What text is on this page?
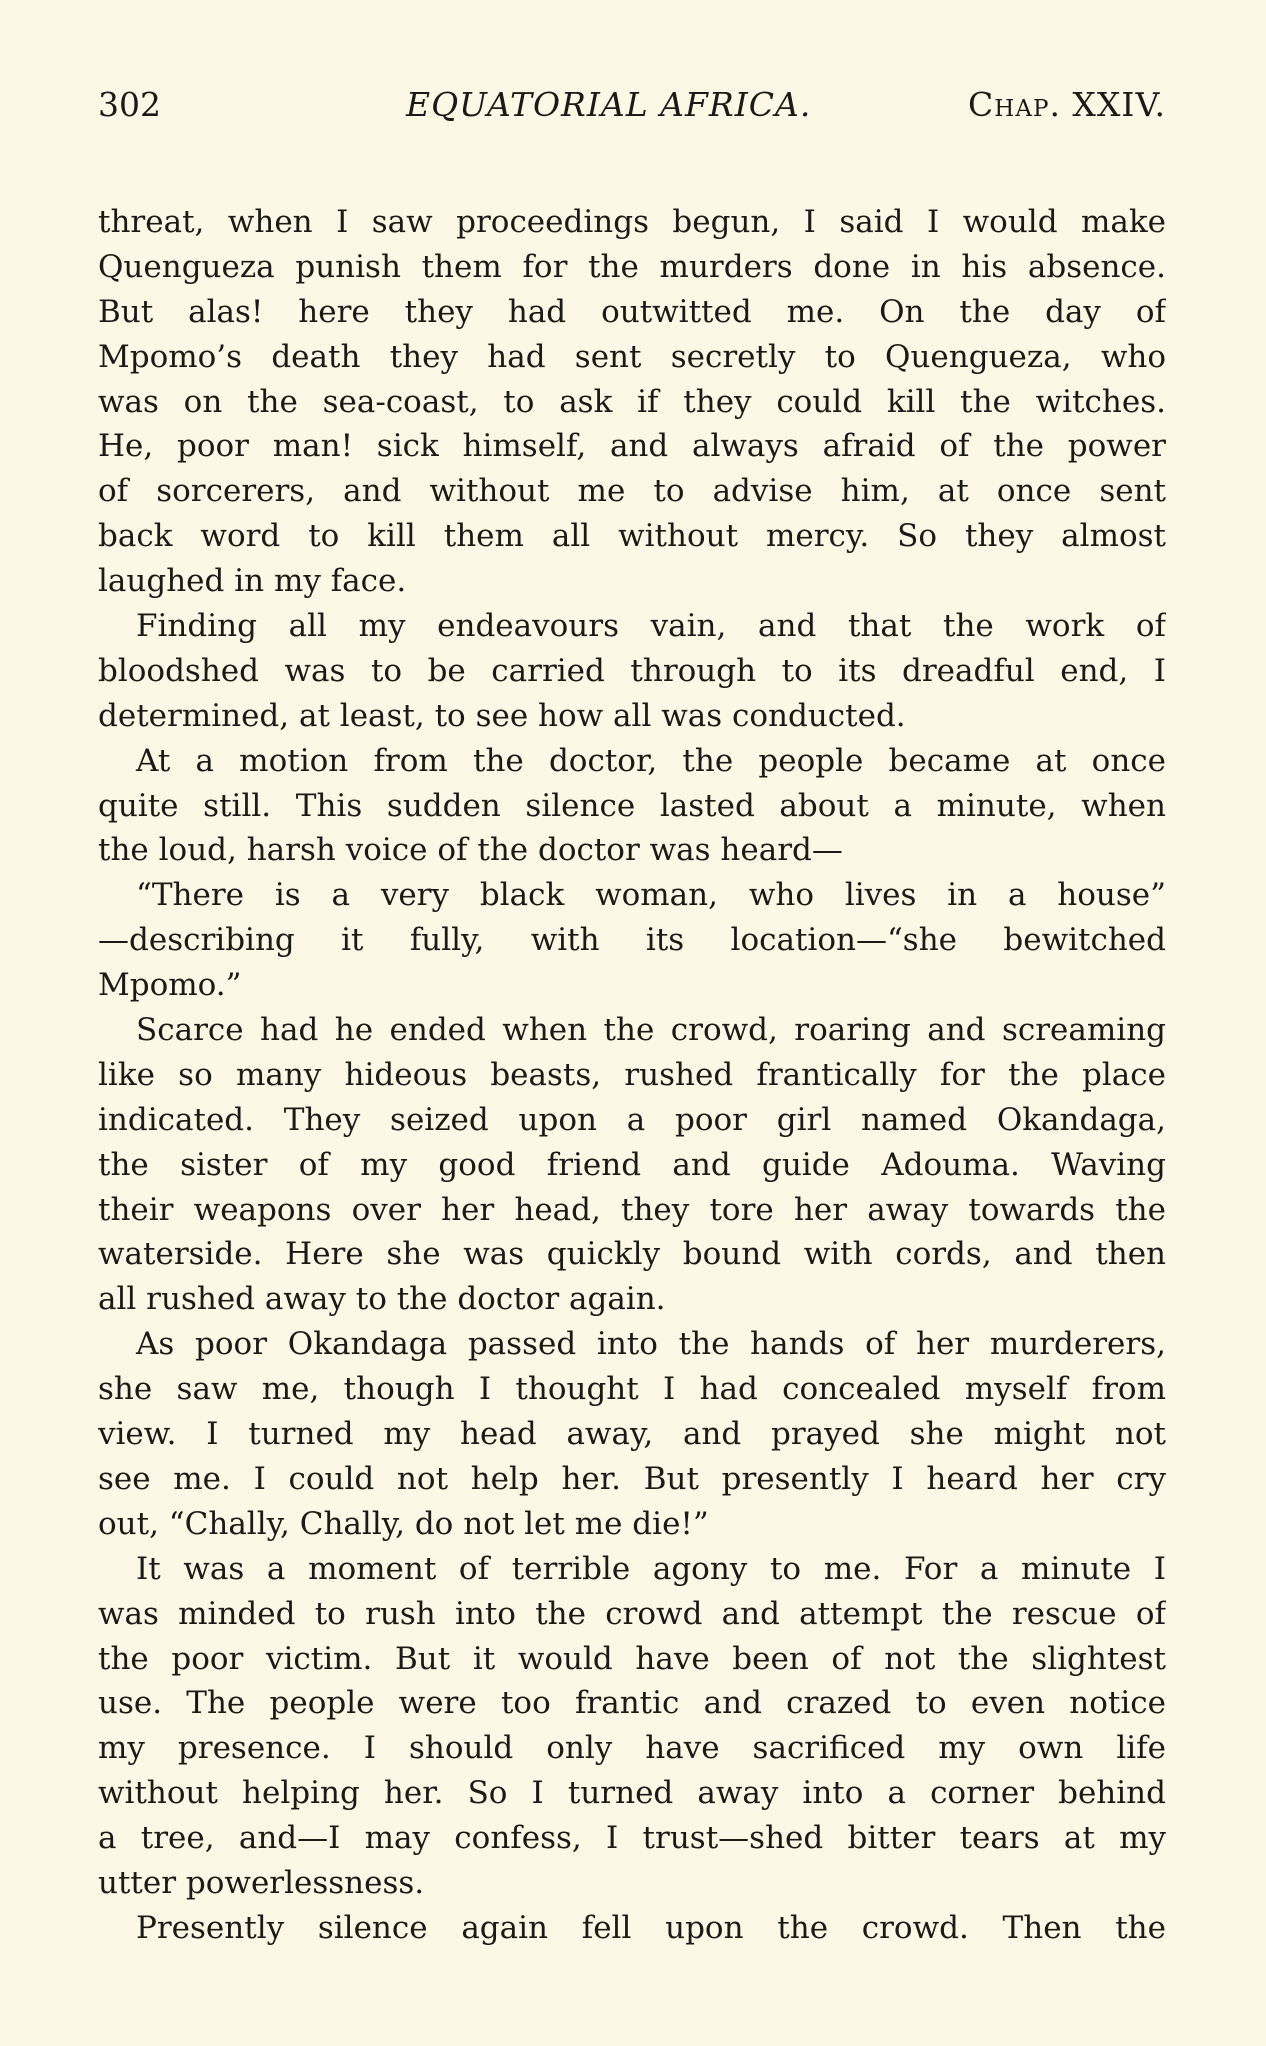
302	EQUATORIAL AFRICA.	Chap. XXIV.
threat, when I saw proceedings begun, I said I would make
Quengueza punish them for the murders done in his absence.
But alas! here they had outwitted me. On the day of
Mpomo’s death they had sent secretly to Quengueza, who
was on the sea-coast, to ask if they could kill the witches.
He, poor man! sick himself, and always afraid of the power
of sorcerers, and without me to advise him, at once sent
back word to kill them all without mercy. So they almost
laughed in my face.
Finding all my endeavours vain, and that the work of
bloodshed was to be carried through to its dreadful end, I
determined, at least, to see how all was conducted.
At a motion from the doctor, the people became at once
quite still. This sudden silence lasted about a minute, when
the loud, harsh voice of the doctor was heard—
“There is a very black woman, who lives in a house”
—describing it fully, with its location—“she bewitched
Mpomo.”
Scarce had he ended when the crowd, roaring and screaming
like so many hideous beasts, rushed frantically for the place
indicated. They seized upon a poor girl named Okandaga,
the sister of my good friend and guide Adouma. Waving
their weapons over her head, they tore her away towards the
waterside. Here she was quickly bound with cords, and then
all rushed away to the doctor again.
As poor Okandaga passed into the hands of her murderers,
she saw me, though I thought I had concealed myself from
view. I turned my head away, and prayed she might not
see me. I could not help her. But presently I heard her cry
out, “Chally, Chally, do not let me die!”
It was a moment of terrible agony to me. For a minute I
was minded to rush into the crowd and attempt the rescue of
the poor victim. But it would have been of not the slightest
use. The people were too frantic and crazed to even notice
my presence. I should only have sacrificed my own life
without helping her. So I turned away into a corner behind
a tree, and—I may confess, I trust—shed bitter tears at my
utter powerlessness.
Presently silence again fell upon the crowd. Then the
